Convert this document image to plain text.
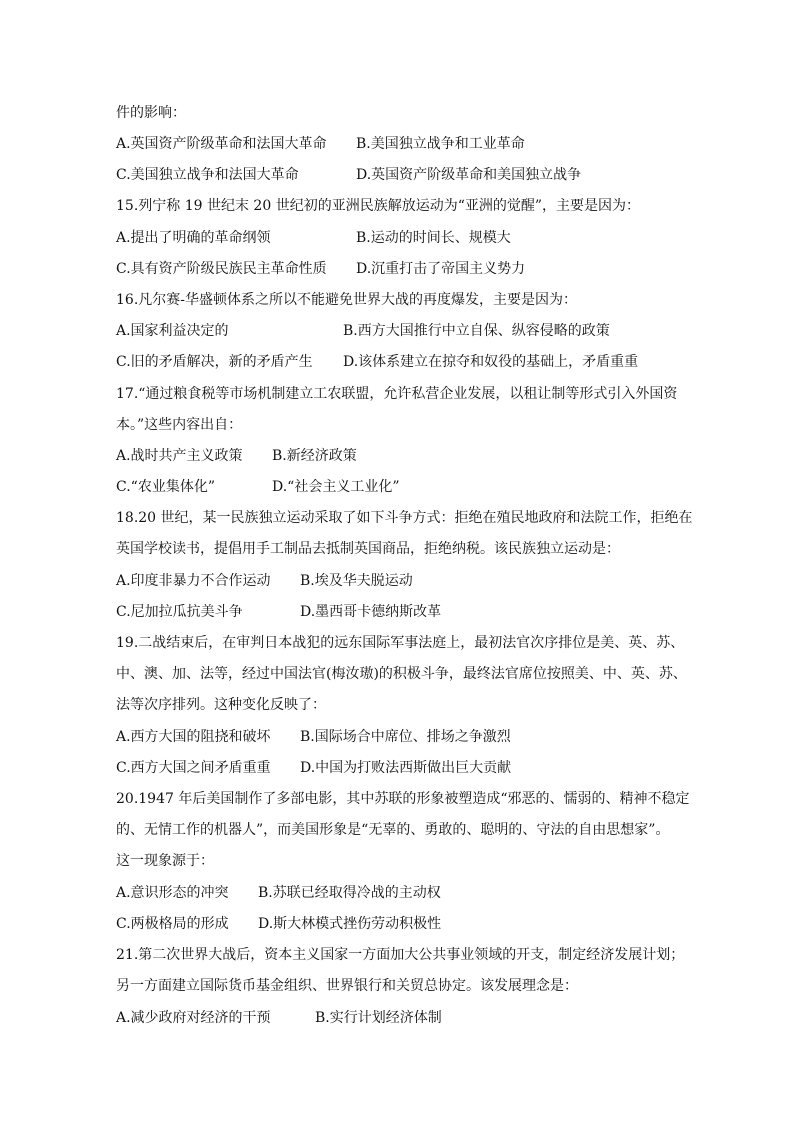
件的影响：
A.英国资产阶级革命和法国大革命 B.美国独立战争和工业革命
C.美国独立战争和法国大革命	D.英国资产阶级革命和美国独立战争
15.列宁称 19 世纪末 20 世纪初的亚洲民族解放运动为“亚洲的觉醒”，主要是因为：
A.提出了明确的革命纲领	B.运动的时间长、规模大
C.具有资产阶级民族民主革命性质 D.沉重打击了帝国主义势力
16.凡尔赛-华盛顿体系之所以不能避免世界大战的再度爆发，主要是因为：
A.国家利益决定的	B.西方大国推行中立自保、纵容侵略的政策
C.旧的矛盾解决，新的矛盾产生 D.该体系建立在掠夺和奴役的基础上，矛盾重重
17.“通过粮食税等市场机制建立工农联盟，允许私营企业发展，以租让制等形式引入外国资
本。”这些内容出自：
A.战时共产主义政策 B.新经济政策
C.“农业集体化”	D.“社会主义工业化”
18.20 世纪，某一民族独立运动采取了如下斗争方式：拒绝在殖民地政府和法院工作，拒绝在
英国学校读书，提倡用手工制品去抵制英国商品，拒绝纳税。该民族独立运动是：
A.印度非暴力不合作运动 B.埃及华夫脱运动
C.尼加拉瓜抗美斗争	D.墨西哥卡德纳斯改革
19.二战结束后，在审判日本战犯的远东国际军事法庭上，最初法官次序排位是美、英、苏、
中、澳、加、法等，经过中国法官(梅汝璈)的积极斗争，最终法官席位按照美、中、英、苏、
法等次序排列。这种变化反映了：
A.西方大国的阻挠和破坏 B.国际场合中席位、排场之争激烈
C.西方大国之间矛盾重重 D.中国为打败法西斯做出巨大贡献
20.1947 年后美国制作了多部电影，其中苏联的形象被塑造成“邪恶的、懦弱的、精神不稳定
的、无情工作的机器人”，而美国形象是“无辜的、勇敢的、聪明的、守法的自由思想家”。
这一现象源于：
A.意识形态的冲突 B.苏联已经取得冷战的主动权
C.两极格局的形成 D.斯大林模式挫伤劳动积极性
21.第二次世界大战后，资本主义国家一方面加大公共事业领域的开支，制定经济发展计划；
另一方面建立国际货币基金组织、世界银行和关贸总协定。该发展理念是：
A.减少政府对经济的干预	B.实行计划经济体制
